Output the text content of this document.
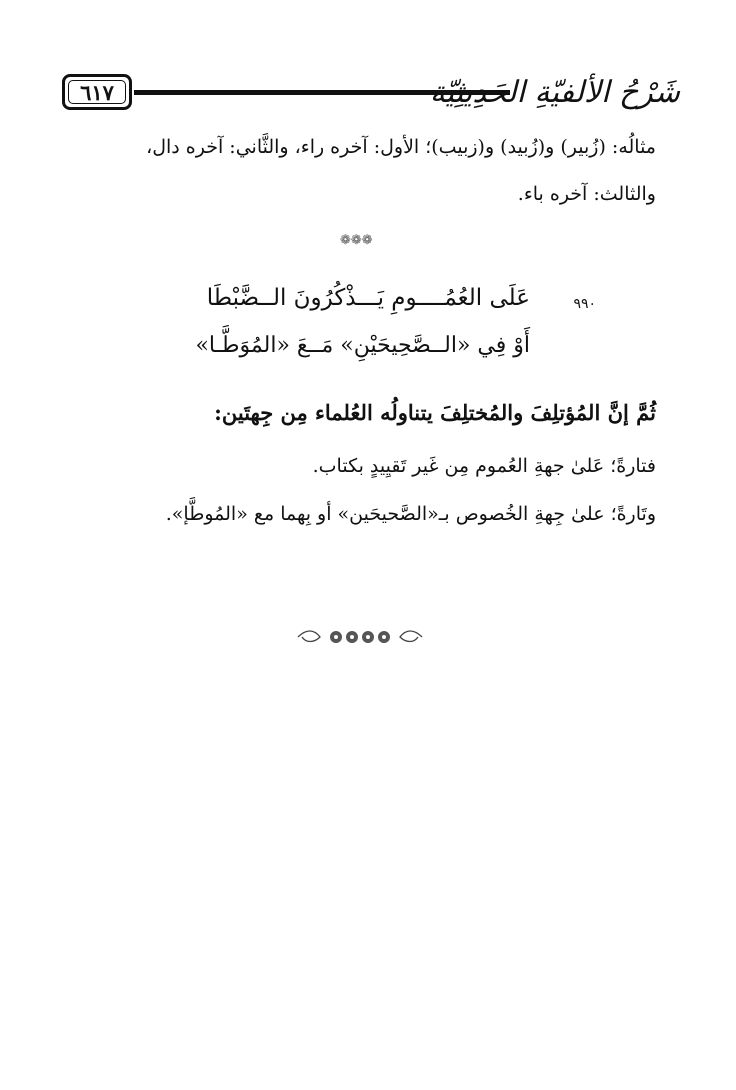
٦١٧	شَرْحُ الألفيّةِ الحَدِيثِيّة
مثالُه: (زُبير) و(زُبيد) و(زبيب)؛ الأول: آخره راء، والثَّاني: آخره دال،
والثالث: آخره باء.
❁❁❁
٩٩٠
عَلَى العُمُــــومِ يَـــذْكُرُونَ الــضَّبْطَا
أَوْ فِي «الــصَّحِيحَيْنِ» مَــعَ «المُوَطَّـا»
ثُمَّ إنَّ المُؤتلِفَ والمُختلِفَ يتناولُه العُلماء مِن جِهتَين:
فتارةً؛ عَلىٰ جهةِ العُموم مِن غَير تَقيِيدٍ بكتاب.
وتَارةً؛ علىٰ جِهةِ الخُصوص بـ«الصَّحيحَين» أو بِهما مع «المُوطَّإ».
